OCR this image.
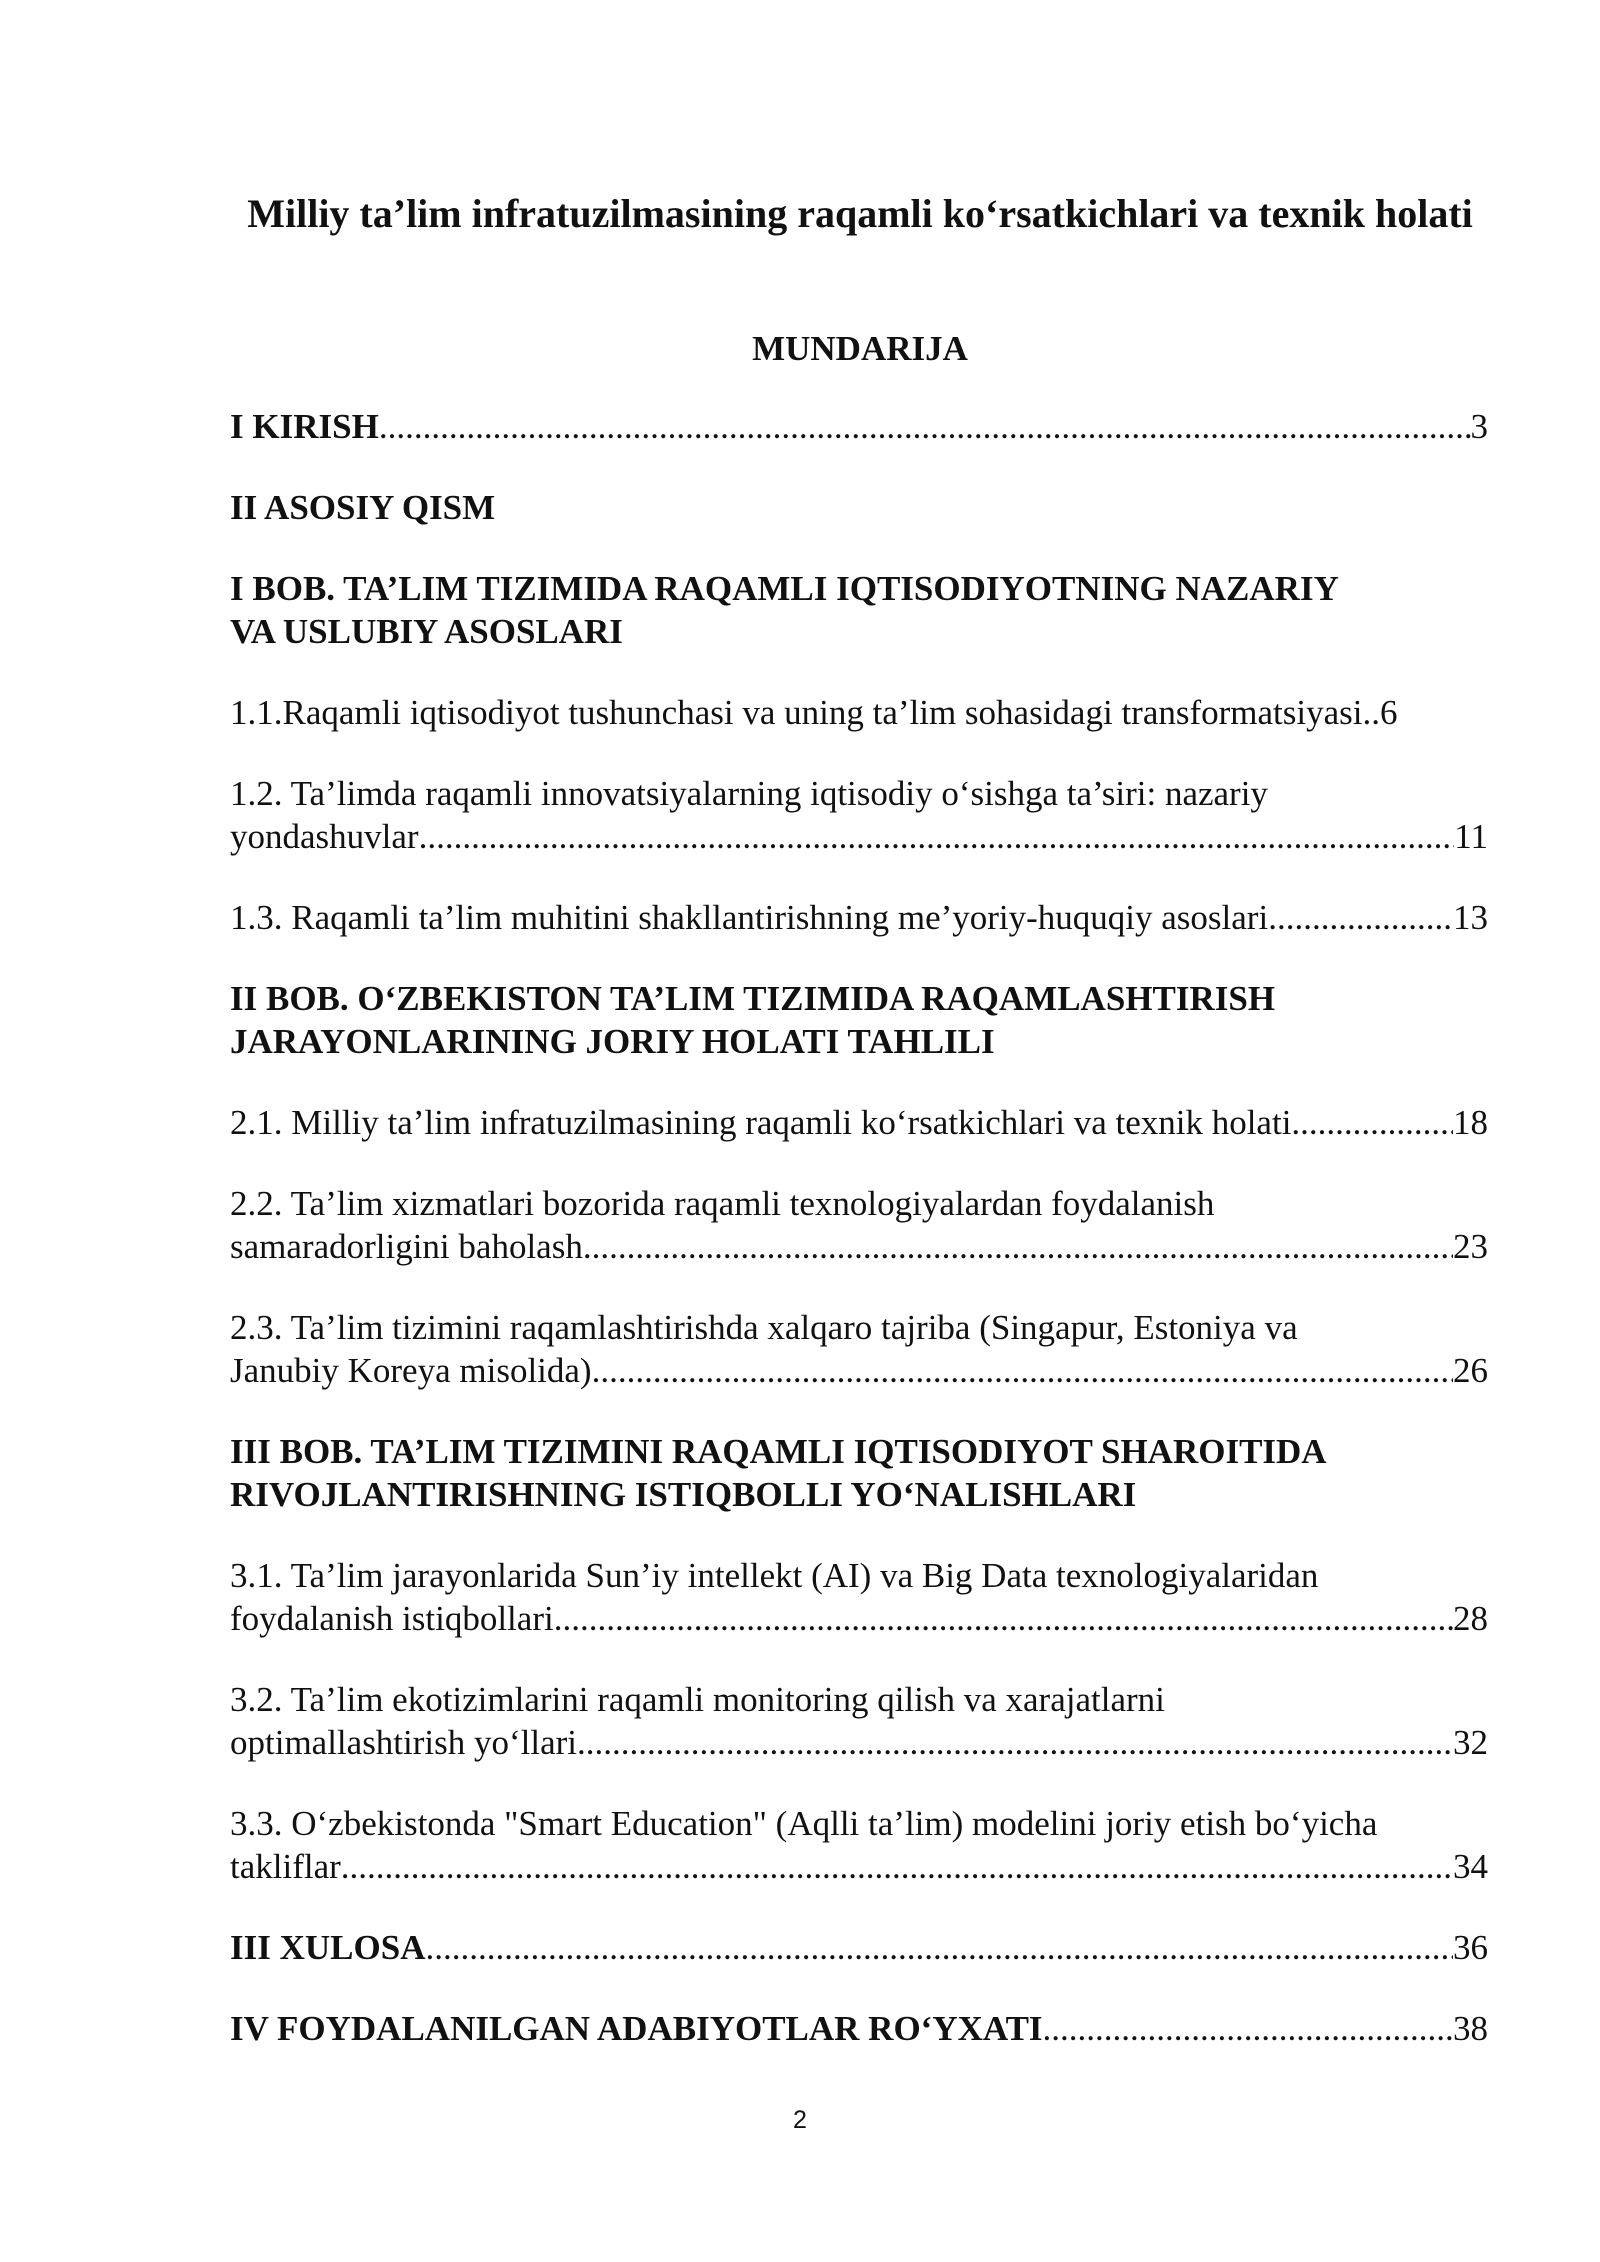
Milliy ta’lim infratuzilmasining raqamli ko‘rsatkichlari va texnik holati
MUNDARIJA
I KIRISH .....	3
II ASOSIY QISM
I BOB. TA’LIM TIZIMIDA RAQAMLI IQTISODIYOTNING NAZARIY
VA USLUBIY ASOSLARI
1.1.Raqamli iqtisodiyot tushunchasi va uning ta’lim sohasidagi transformatsiyasi .. 6
1.2. Ta’limda raqamli innovatsiyalarning iqtisodiy o‘sishga ta’siri: nazariy
yondashuvlar .....	11
1.3. Raqamli ta’lim muhitini shakllantirishning me’yoriy-huquqiy asoslari .....	13
II BOB. O‘ZBEKISTON TA’LIM TIZIMIDA RAQAMLASHTIRISH
JARAYONLARINING JORIY HOLATI TAHLILI
2.1. Milliy ta’lim infratuzilmasining raqamli ko‘rsatkichlari va texnik holati .....	18
2.2. Ta’lim xizmatlari bozorida raqamli texnologiyalardan foydalanish
samaradorligini baholash .....	23
2.3. Ta’lim tizimini raqamlashtirishda xalqaro tajriba (Singapur, Estoniya va
Janubiy Koreya misolida) .....	26
III BOB. TA’LIM TIZIMINI RAQAMLI IQTISODIYOT SHAROITIDA
RIVOJLANTIRISHNING ISTIQBOLLI YO‘NALISHLARI
3.1. Ta’lim jarayonlarida Sun’iy intellekt (AI) va Big Data texnologiyalaridan
foydalanish istiqbollari .....	28
3.2. Ta’lim ekotizimlarini raqamli monitoring qilish va xarajatlarni
optimallashtirish yo‘llari .....	32
3.3. O‘zbekistonda "Smart Education" (Aqlli ta’lim) modelini joriy etish bo‘yicha
takliflar .....	34
III XULOSA .....	36
IV FOYDALANILGAN ADABIYOTLAR RO‘YXATI .....	38
2
